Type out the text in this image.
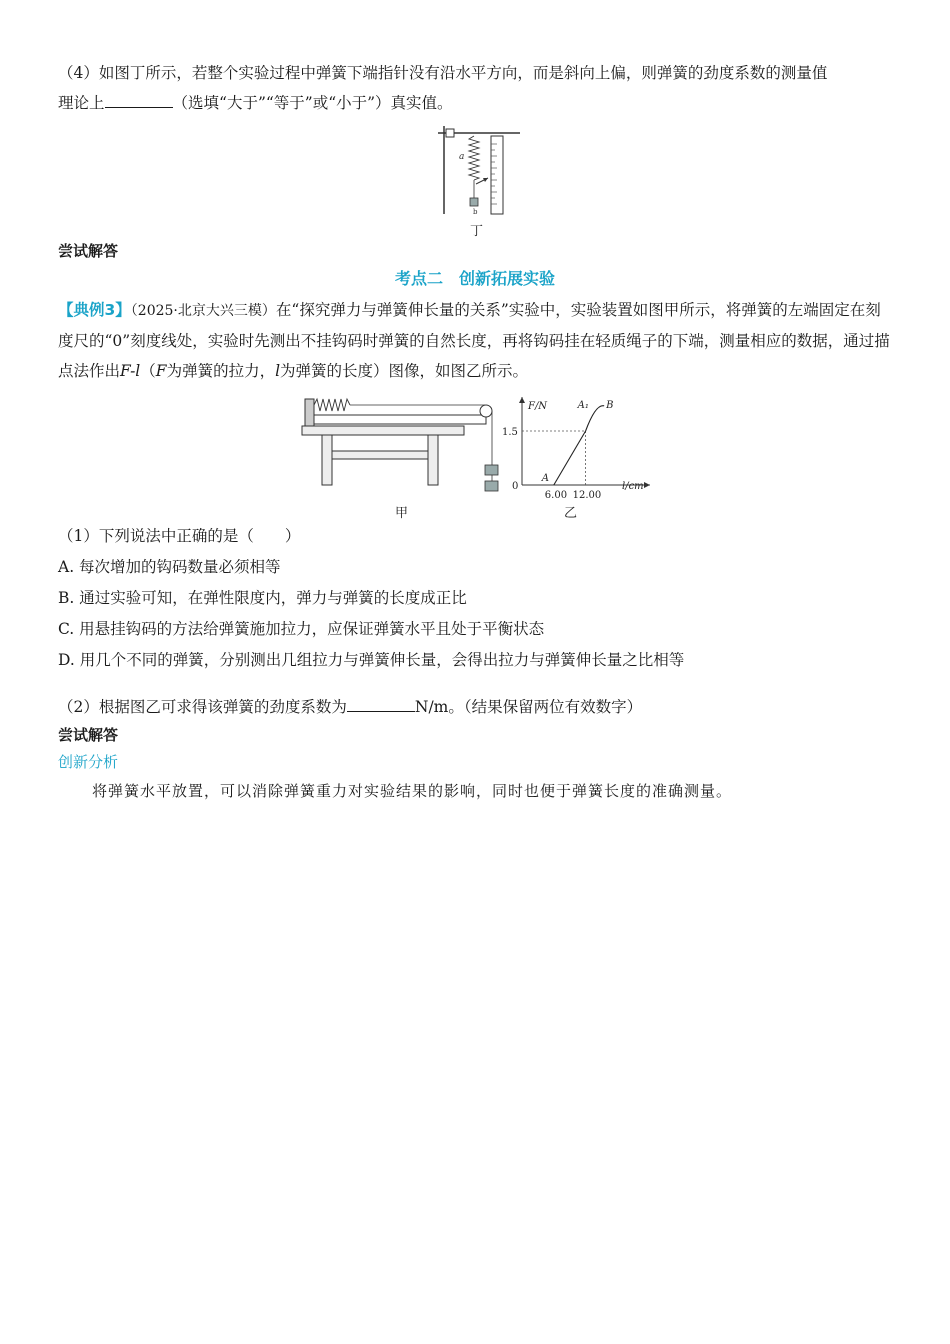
（4）如图丁所示，若整个实验过程中弹簧下端指针没有沿水平方向，而是斜向上偏，则弹簧的劲度系数的测量值
理论上	（选填“大于”“等于”或“小于”）真实值。
a
b
丁
尝试解答
考点二　创新拓展实验
【典例3】（2025·北京大兴三模）在“探究弹力与弹簧伸长量的关系”实验中，实验装置如图甲所示，将弹簧的左端固定在刻度尺的“0”刻度线处，实验时先测出不挂钩码时弹簧的自然长度，再将钩码挂在轻质绳子的下端，测量相应的数据，通过描点法作出F-l（F为弹簧的拉力，l为弹簧的长度）图像，如图乙所示。
甲
F/N
l/cm
0
1.5
6.00 12.00
A
A₁ B
乙
（1）下列说法中正确的是（　　）
A. 每次增加的钩码数量必须相等
B. 通过实验可知，在弹性限度内，弹力与弹簧的长度成正比
C. 用悬挂钩码的方法给弹簧施加拉力，应保证弹簧水平且处于平衡状态
D. 用几个不同的弹簧，分别测出几组拉力与弹簧伸长量，会得出拉力与弹簧伸长量之比相等
（2）根据图乙可求得该弹簧的劲度系数为	N/m。（结果保留两位有效数字）
尝试解答
创新分析
将弹簧水平放置，可以消除弹簧重力对实验结果的影响，同时也便于弹簧长度的准确测量。
